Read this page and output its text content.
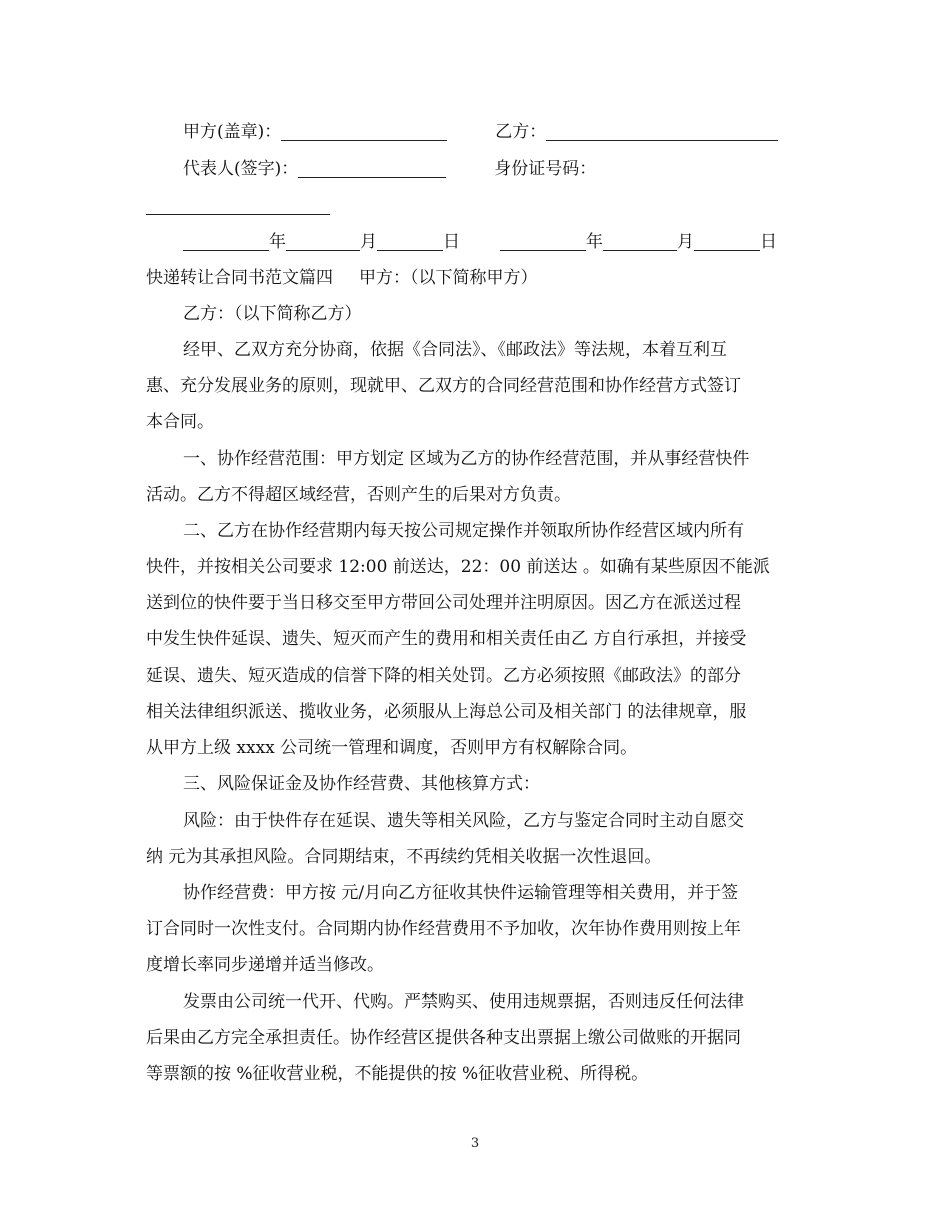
甲方(盖章)：	乙方：
代表人(签字)：	身份证号码：
年	月	日	年	月	日
快递转让合同书范文篇四 甲方：（以下简称甲方）
乙方：（以下简称乙方）
经甲、乙双方充分协商，依据《合同法》、《邮政法》等法规，本着互利互
惠、充分发展业务的原则，现就甲、乙双方的合同经营范围和协作经营方式签订
本合同。
一、协作经营范围：甲方划定 区域为乙方的协作经营范围，并从事经营快件
活动。乙方不得超区域经营，否则产生的后果对方负责。
二、乙方在协作经营期内每天按公司规定操作并领取所协作经营区域内所有
快件，并按相关公司要求 12:00 前送达，22：00 前送达 。如确有某些原因不能派
送到位的快件要于当日移交至甲方带回公司处理并注明原因。因乙方在派送过程
中发生快件延误、遗失、短灭而产生的费用和相关责任由乙 方自行承担，并接受
延误、遗失、短灭造成的信誉下降的相关处罚。乙方必须按照《邮政法》的部分
相关法律组织派送、揽收业务，必须服从上海总公司及相关部门 的法律规章，服
从甲方上级 xxxx 公司统一管理和调度，否则甲方有权解除合同。
三、风险保证金及协作经营费、其他核算方式：
风险：由于快件存在延误、遗失等相关风险，乙方与鉴定合同时主动自愿交
纳 元为其承担风险。合同期结束，不再续约凭相关收据一次性退回。
协作经营费：甲方按 元/月向乙方征收其快件运输管理等相关费用，并于签
订合同时一次性支付。合同期内协作经营费用不予加收，次年协作费用则按上年
度增长率同步递增并适当修改。
发票由公司统一代开、代购。严禁购买、使用违规票据，否则违反任何法律
后果由乙方完全承担责任。协作经营区提供各种支出票据上缴公司做账的开据同
等票额的按 %征收营业税，不能提供的按 %征收营业税、所得税。
3
